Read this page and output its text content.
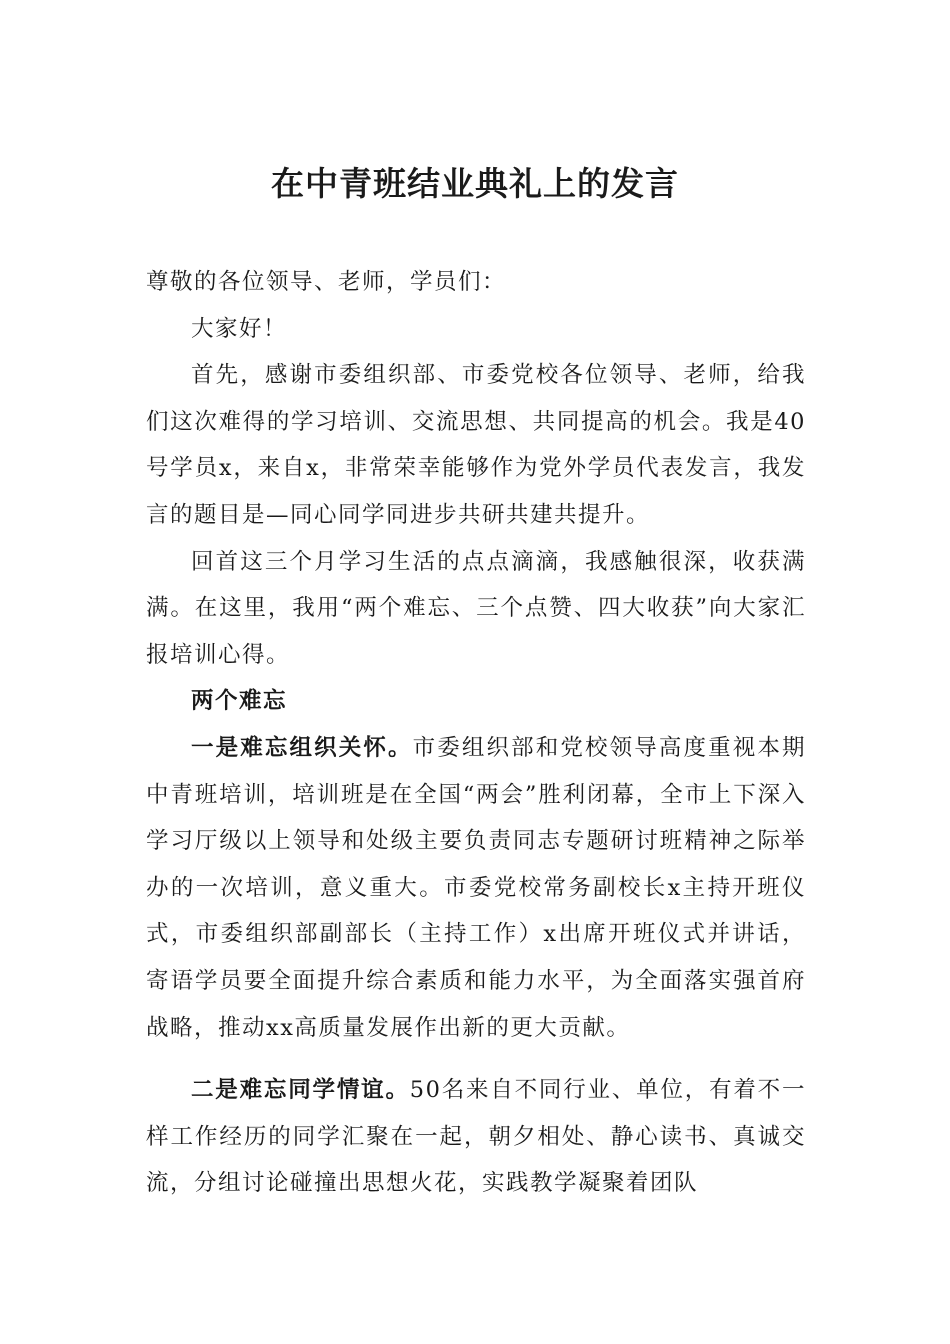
在中青班结业典礼上的发言

尊敬的各位领导、老师，学员们：

大家好！

首先，感谢市委组织部、市委党校各位领导、老师，给我们这次难得的学习培训、交流思想、共同提高的机会。我是40号学员x，来自x，非常荣幸能够作为党外学员代表发言，我发言的题目是—同心同学同进步共研共建共提升。

回首这三个月学习生活的点点滴滴，我感触很深，收获满满。在这里，我用“两个难忘、三个点赞、四大收获”向大家汇报培训心得。

两个难忘

一是难忘组织关怀。市委组织部和党校领导高度重视本期中青班培训，培训班是在全国“两会”胜利闭幕，全市上下深入学习厅级以上领导和处级主要负责同志专题研讨班精神之际举办的一次培训，意义重大。市委党校常务副校长x主持开班仪式，市委组织部副部长（主持工作）x出席开班仪式并讲话，寄语学员要全面提升综合素质和能力水平，为全面落实强首府战略，推动xx高质量发展作出新的更大贡献。

二是难忘同学情谊。50名来自不同行业、单位，有着不一样工作经历的同学汇聚在一起，朝夕相处、静心读书、真诚交流，分组讨论碰撞出思想火花，实践教学凝聚着团队
